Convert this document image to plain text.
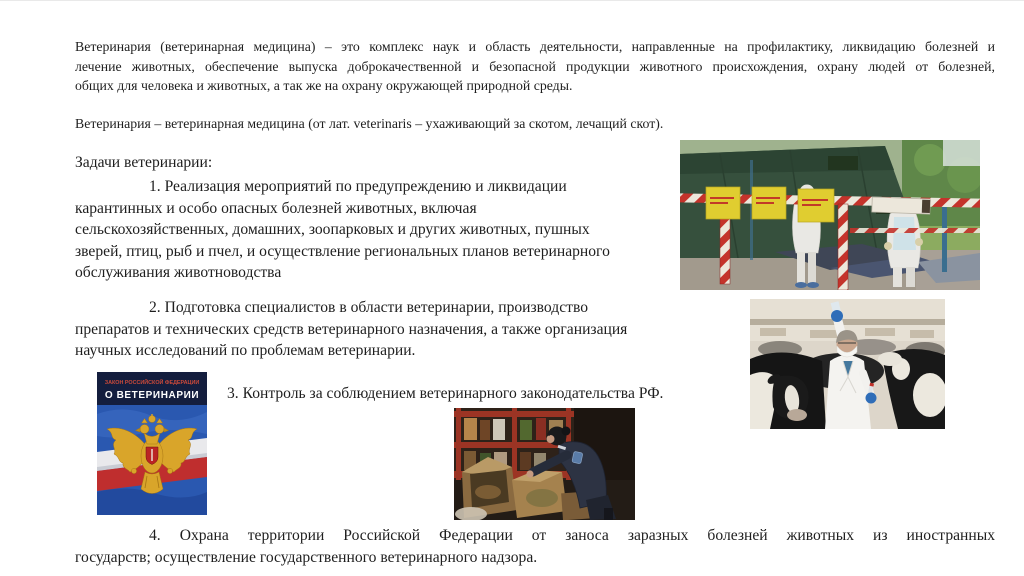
Ветеринария (ветеринарная медицина) – это комплекс наук и область деятельности, направленные на профилактику, ликвидацию болезней и
лечение животных, обеспечение выпуска доброкачественной и безопасной продукции животного происхождения, охрану людей от болезней,
общих для человека и животных, а так же на охрану окружающей природной среды.
Ветеринария – ветеринарная медицина (от лат. veterinaris – ухаживающий за скотом, лечащий скот).
Задачи ветеринарии:
1. Реализация мероприятий по предупреждению и ликвидации
карантинных и особо опасных болезней животных, включая
сельскохозяйственных, домашних, зоопарковых и других животных, пушных
зверей, птиц, рыб и пчел, и осуществление региональных планов ветеринарного
обслуживания животноводства
2. Подготовка специалистов в области ветеринарии, производство
препаратов и технических средств ветеринарного назначения, а также организация
научных исследований по проблемам ветеринарии.
3. Контроль за соблюдением ветеринарного законодательства РФ.
4. Охрана территории Российской Федерации от заноса заразных болезней животных из иностранных
государств; осуществление государственного ветеринарного надзора.
ЗАКОН РОССИЙСКОЙ ФЕДЕРАЦИИ
О ВЕТЕРИНАРИИ
